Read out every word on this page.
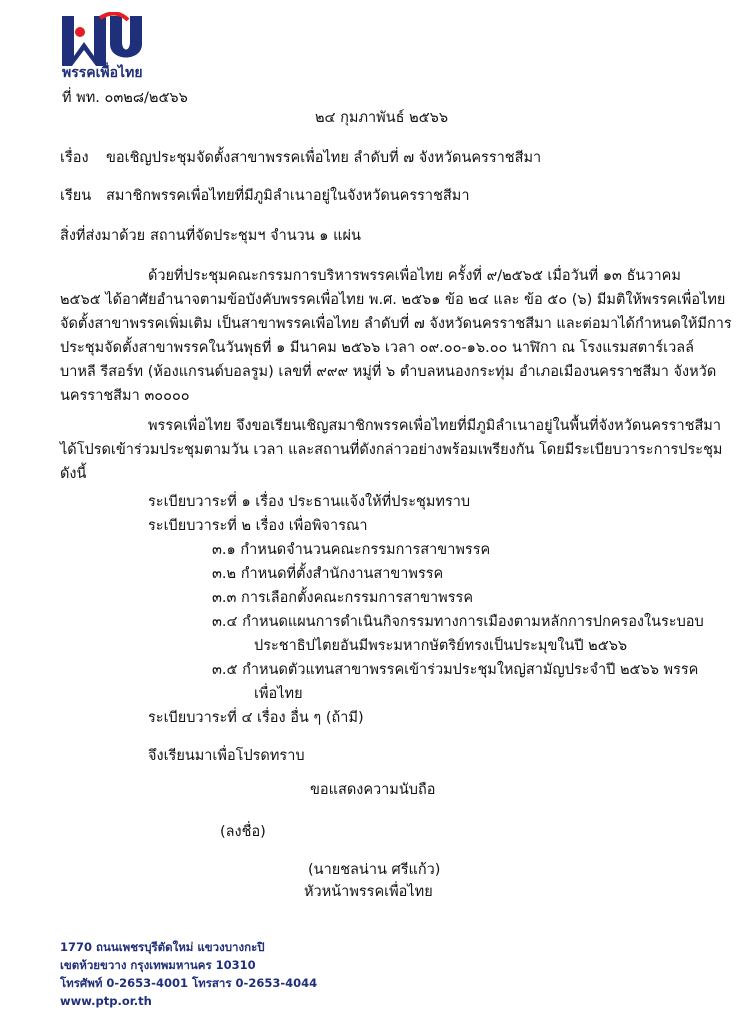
พรรคเพื่อไทย
ที่ พท. ๐๓๒๘/๒๕๖๖
๒๔ กุมภาพันธ์ ๒๕๖๖
เรื่อง ขอเชิญประชุมจัดตั้งสาขาพรรคเพื่อไทย ลำดับที่ ๗ จังหวัดนครราชสีมา
เรียน สมาชิกพรรคเพื่อไทยที่มีภูมิลำเนาอยู่ในจังหวัดนครราชสีมา
สิ่งที่ส่งมาด้วย สถานที่จัดประชุมฯ จำนวน ๑ แผ่น
ด้วยที่ประชุมคณะกรรมการบริหารพรรคเพื่อไทย ครั้งที่ ๙/๒๕๖๕ เมื่อวันที่ ๑๓ ธันวาคม
๒๕๖๕ ได้อาศัยอำนาจตามข้อบังคับพรรคเพื่อไทย พ.ศ. ๒๕๖๑ ข้อ ๒๔ และ ข้อ ๕๐ (๖) มีมติให้พรรคเพื่อไทย
จัดตั้งสาขาพรรคเพิ่มเติม เป็นสาขาพรรคเพื่อไทย ลำดับที่ ๗ จังหวัดนครราชสีมา และต่อมาได้กำหนดให้มีการ
ประชุมจัดตั้งสาขาพรรคในวันพุธที่ ๑ มีนาคม ๒๕๖๖ เวลา ๐๙.๐๐-๑๖.๐๐ นาฬิกา ณ โรงแรมสตาร์เวลล์
บาหลี รีสอร์ท (ห้องแกรนด์บอลรูม) เลขที่ ๙๙๙ หมู่ที่ ๖ ตำบลหนองกระทุ่ม อำเภอเมืองนครราชสีมา จังหวัด
นครราชสีมา ๓๐๐๐๐
พรรคเพื่อไทย จึงขอเรียนเชิญสมาชิกพรรคเพื่อไทยที่มีภูมิลำเนาอยู่ในพื้นที่จังหวัดนครราชสีมา
ได้โปรดเข้าร่วมประชุมตามวัน เวลา และสถานที่ดังกล่าวอย่างพร้อมเพรียงกัน โดยมีระเบียบวาระการประชุม
ดังนี้
ระเบียบวาระที่ ๑ เรื่อง ประธานแจ้งให้ที่ประชุมทราบ
ระเบียบวาระที่ ๒ เรื่อง เพื่อพิจารณา
๓.๑ กำหนดจำนวนคณะกรรมการสาขาพรรค
๓.๒ กำหนดที่ตั้งสำนักงานสาขาพรรค
๓.๓ การเลือกตั้งคณะกรรมการสาขาพรรค
๓.๔ กำหนดแผนการดำเนินกิจกรรมทางการเมืองตามหลักการปกครองในระบอบ
ประชาธิปไตยอันมีพระมหากษัตริย์ทรงเป็นประมุขในปี ๒๕๖๖
๓.๕ กำหนดตัวแทนสาขาพรรคเข้าร่วมประชุมใหญ่สามัญประจำปี ๒๕๖๖ พรรค
เพื่อไทย
ระเบียบวาระที่ ๔ เรื่อง อื่น ๆ (ถ้ามี)
จึงเรียนมาเพื่อโปรดทราบ
ขอแสดงความนับถือ
(ลงชื่อ)
(นายชลน่าน ศรีแก้ว)
หัวหน้าพรรคเพื่อไทย
1770 ถนนเพชรบุรีตัดใหม่ แขวงบางกะปิ
เขตห้วยขวาง กรุงเทพมหานคร 10310
โทรศัพท์ 0-2653-4001 โทรสาร 0-2653-4044
www.ptp.or.th
